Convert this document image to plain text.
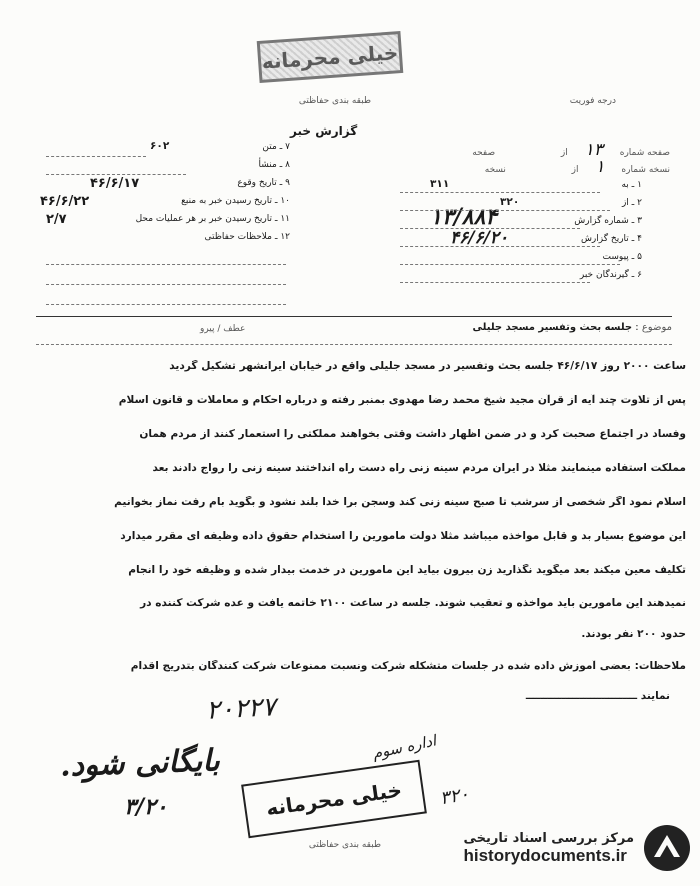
خیلی محرمانه
طبقه بندی حفاظتی	درجه فوریت
گزارش خبر
صفحه شماره ۱۳ از  صفحه
نسخه شماره ۱ از  نسخه
۱ ـ به
۳۱۱
۲ ـ از
۳۲۰
۳ ـ شماره گزارش
۱۳/۸۸۴
۴ ـ تاریخ گزارش
۴۶/۶/۲۰
۵ ـ پیوست
۶ ـ گیرندگان خبر
۷ ـ متن
۶۰۲
۸ ـ منشأ
۹ ـ تاریخ وقوع
۴۶/۶/۱۷
۱۰ ـ تاریخ رسیدن خبر به منبع
۴۶/۶/۲۲
۱۱ ـ تاریخ رسیدن خبر بر هر عملیات محل
۲/۷
۱۲ ـ ملاحظات حفاظتی
موضوع : جلسه بحث وتفسیر مسجد جلیلی
عطف / پیرو
ساعت ۲۰۰۰ روز ۴۶/۶/۱۷ جلسه بحث وتفسیر در مسجد جلیلی واقع در خیابان ایرانشهر تشکیل گردید
پس از تلاوت چند آیه از قرآن مجید شیخ محمد رضا مهدوی بمنبر رفته و درباره احکام و معاملات و قانون اسلام
وفساد در اجتماع صحبت کرد و در ضمن اظهار داشت وقتی بخواهند مملکتی را استعمار کنند از مردم همان
مملکت استفاده مینمایند مثلا در ایران مردم سینه زنی راه دست راه انداختند سینه زنی را رواج دادند بعد
اسلام نمود اگر شخصی از سرشب تا صبح سینه زنی کند وسجن برا خدا بلند نشود و بگوید بام رفت نماز بخوانیم
این موضوع بسیار بد و قابل مواخذه میباشد مثلا دولت مامورین را استخدام حقوق داده وظیفه ای مقرر میدارد
تکلیف معین میکند بعد میگوید نگذارید زن بیرون بیاید این مامورین در خدمت بیدار شده و وظیفه خود را انجام
نمیدهند این مامورین باید مواخذه و تعقیب شوند. جلسه در ساعت ۲۱۰۰ خاتمه یافت و عده شرکت کننده در
حدود ۲۰۰ نفر بودند.
ملاحظات: بعضی آموزش داده شده در جلسات متشکله شرکت ونسبت ممنوعات شرکت کنندگان بتدریج اقدام
نمایند ـــــــــــــــــــــــــــــــ
۲۰۲۲۷
اداره سوم
بایگانی شود.
۳/۲۰	۳۲۰
خیلی محرمانه
طبقه بندی حفاظتی	مرکز بررسی اسناد تاریخی
historydocuments.ir
